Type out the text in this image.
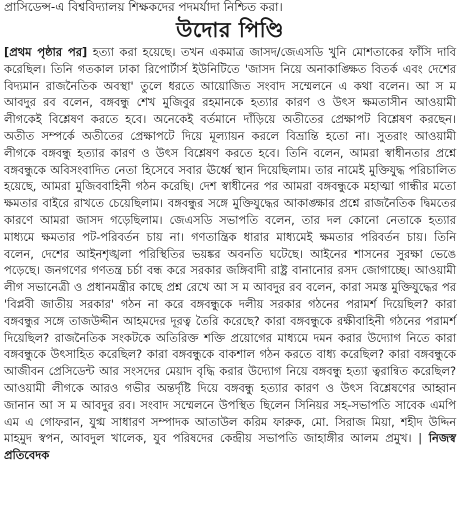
প্রাসিডেন্স-এ বিশ্ববিদ্যালয় শিক্ষকদের পদমর্যাদা নিশ্চিত করা।

উদোর পিণ্ডি

[প্রথম পৃষ্ঠার পর] হত্যা করা হয়েছে। তখন একমাত্র জাসদ/জেএসডি খুনি মোশতাকের ফাঁসি দাবি করেছিল। তিনি গতকাল ঢাকা রিপোর্টার্স ইউনিটিতে 'জাসদ নিয়ে অনাকাঙ্ক্ষিত বিতর্ক এবং দেশের বিদ্যমান রাজনৈতিক অবস্থা' তুলে ধরতে আয়োজিত সংবাদ সম্মেলনে এ কথা বলেন। আ স ম আবদুর রব বলেন, বঙ্গবন্ধু শেখ মুজিবুর রহমানকে হত্যার কারণ ও উৎস ক্ষমতাসীন আওয়ামী লীগকেই বিশ্লেষণ করতে হবে। অনেকেই বর্তমানে দাঁড়িয়ে অতীতের প্রেক্ষাপট বিশ্লেষণ করছেন। অতীত সম্পর্কে অতীতের প্রেক্ষাপটে দিয়ে মূল্যায়ন করলে বিভ্রান্তি হতো না। সুতরাং আওয়ামী লীগকে বঙ্গবন্ধু হত্যার কারণ ও উৎস বিশ্লেষণ করতে হবে। তিনি বলেন, আমরা স্বাধীনতার প্রশ্নে বঙ্গবন্ধুকে অবিসংবাদিত নেতা হিসেবে সবার ঊর্ধ্বে স্থান দিয়েছিলাম। তার নামেই মুক্তিযুদ্ধ পরিচালিত হয়েছে, আমরা মুজিববাহিনী গঠন করেছি। দেশ স্বাধীনের পর আমরা বঙ্গবন্ধুকে মহাত্মা গান্ধীর মতো ক্ষমতার বাইরে রাখতে চেয়েছিলাম। বঙ্গবন্ধুর সঙ্গে মুক্তিযুদ্ধের আকাঙ্ক্ষার প্রশ্নে রাজনৈতিক দ্বিমতের কারণে আমরা জাসদ গড়েছিলাম। জেএসডি সভাপতি বলেন, তার দল কোনো নেতাকে হত্যার মাধ্যমে ক্ষমতার পট-পরিবর্তন চায় না। গণতান্ত্রিক ধারার মাধ্যমেই ক্ষমতার পরিবর্তন চায়। তিনি বলেন, দেশের আইনশৃঙ্খলা পরিস্থিতির ভয়ঙ্কর অবনতি ঘটেছে। আইনের শাসনের সুরক্ষা ভেঙে পড়েছে। জনগণের গণতন্ত্র চর্চা বন্ধ করে সরকার জঙ্গিবাদী রাষ্ট্র বানানোর রসদ জোগাচ্ছে। আওয়ামী লীগ সভানেত্রী ও প্রধানমন্ত্রীর কাছে প্রশ্ন রেখে আ স ম আবদুর রব বলেন, কারা সমস্ত মুক্তিযুদ্ধের পর 'বিপ্লবী জাতীয় সরকার' গঠন না করে বঙ্গবন্ধুকে দলীয় সরকার গঠনের পরামর্শ দিয়েছিল? কারা বঙ্গবন্ধুর সঙ্গে তাজউদ্দীন আহমদের দূরত্ব তৈরি করেছে? কারা বঙ্গবন্ধুকে রক্ষীবাহিনী গঠনের পরামর্শ দিয়েছিল? রাজনৈতিক সংকটকে অতিরিক্ত শক্তি প্রয়োগের মাধ্যমে দমন করার উদ্যোগ নিতে কারা বঙ্গবন্ধুকে উৎসাহিত করেছিল? কারা বঙ্গবন্ধুকে বাকশাল গঠন করতে বাধ্য করেছিল? কারা বঙ্গবন্ধুকে আজীবন প্রেসিডেন্ট আর সংসদের মেয়াদ বৃদ্ধি করার উদ্যোগ নিয়ে বঙ্গবন্ধু হত্যা ত্বরান্বিত করেছিল? আওয়ামী লীগকে আরও গভীর অন্তর্দৃষ্টি দিয়ে বঙ্গবন্ধু হত্যার কারণ ও উৎস বিশ্লেষণের আহ্বান জানান আ স ম আবদুর রব। সংবাদ সম্মেলনে উপস্থিত ছিলেন সিনিয়র সহ-সভাপতি সাবেক এমপি এম এ গোফরান, যুগ্ম সাধারণ সম্পাদক আতাউল করিম ফারুক, মো. সিরাজ মিয়া, শহীদ উদ্দিন মাহমুদ স্বপন, আবদুল খালেক, যুব পরিষদের কেন্দ্রীয় সভাপতি জাহাঙ্গীর আলম প্রমুখ। | নিজস্ব প্রতিবেদক
